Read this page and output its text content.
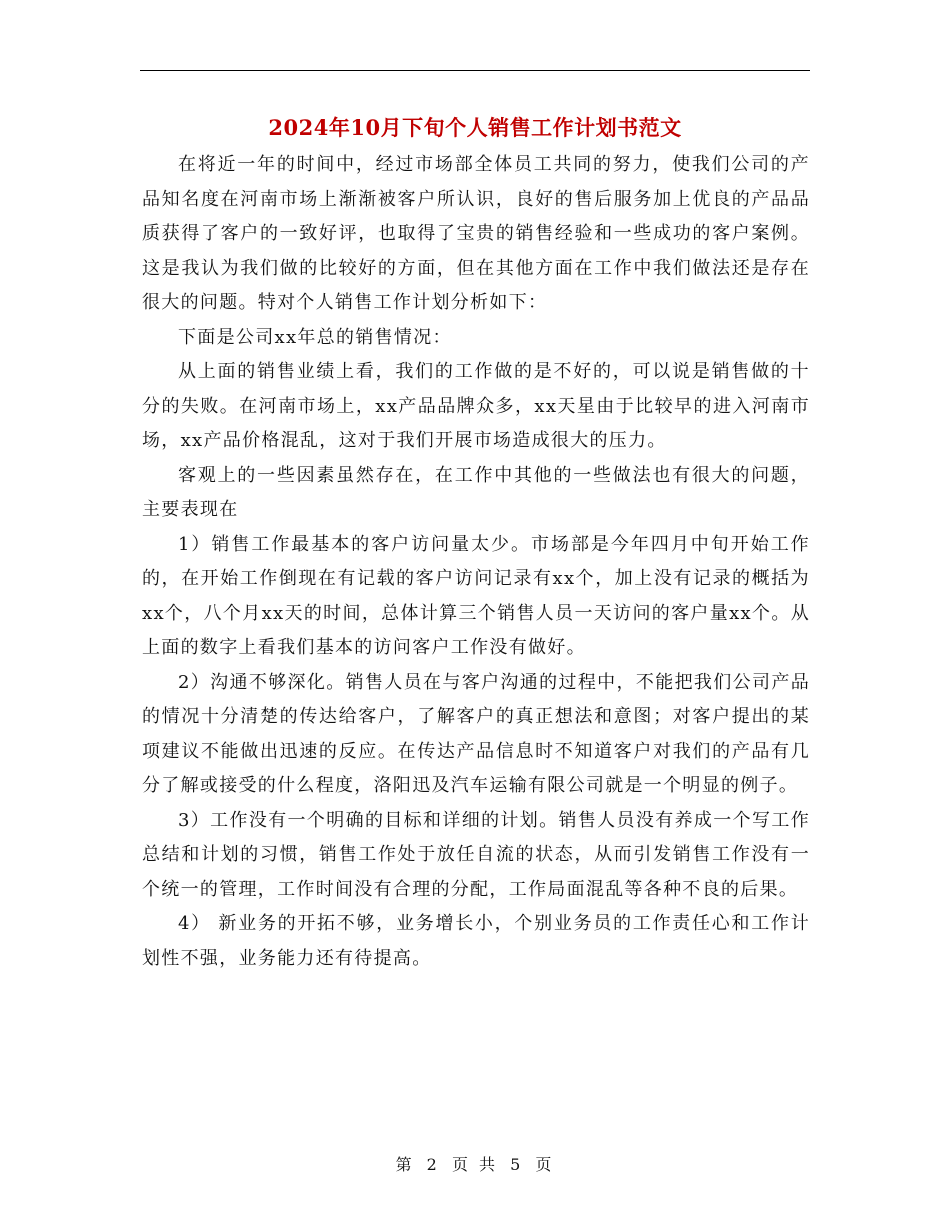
2024年10月下旬个人销售工作计划书范文

在将近一年的时间中，经过市场部全体员工共同的努力，使我们公司的产品知名度在河南市场上渐渐被客户所认识，良好的售后服务加上优良的产品品质获得了客户的一致好评，也取得了宝贵的销售经验和一些成功的客户案例。这是我认为我们做的比较好的方面，但在其他方面在工作中我们做法还是存在很大的问题。特对个人销售工作计划分析如下：

下面是公司xx年总的销售情况：

从上面的销售业绩上看，我们的工作做的是不好的，可以说是销售做的十分的失败。在河南市场上，xx产品品牌众多，xx天星由于比较早的进入河南市场，xx产品价格混乱，这对于我们开展市场造成很大的压力。

客观上的一些因素虽然存在，在工作中其他的一些做法也有很大的问题，主要表现在

1）销售工作最基本的客户访问量太少。市场部是今年四月中旬开始工作的，在开始工作倒现在有记载的客户访问记录有xx个，加上没有记录的概括为xx个，八个月xx天的时间，总体计算三个销售人员一天访问的客户量xx个。从上面的数字上看我们基本的访问客户工作没有做好。

2）沟通不够深化。销售人员在与客户沟通的过程中，不能把我们公司产品的情况十分清楚的传达给客户，了解客户的真正想法和意图；对客户提出的某项建议不能做出迅速的反应。在传达产品信息时不知道客户对我们的产品有几分了解或接受的什么程度，洛阳迅及汽车运输有限公司就是一个明显的例子。

3）工作没有一个明确的目标和详细的计划。销售人员没有养成一个写工作总结和计划的习惯，销售工作处于放任自流的状态，从而引发销售工作没有一个统一的管理，工作时间没有合理的分配，工作局面混乱等各种不良的后果。

4） 新业务的开拓不够，业务增长小，个别业务员的工作责任心和工作计划性不强，业务能力还有待提高。

第 2 页 共 5 页
